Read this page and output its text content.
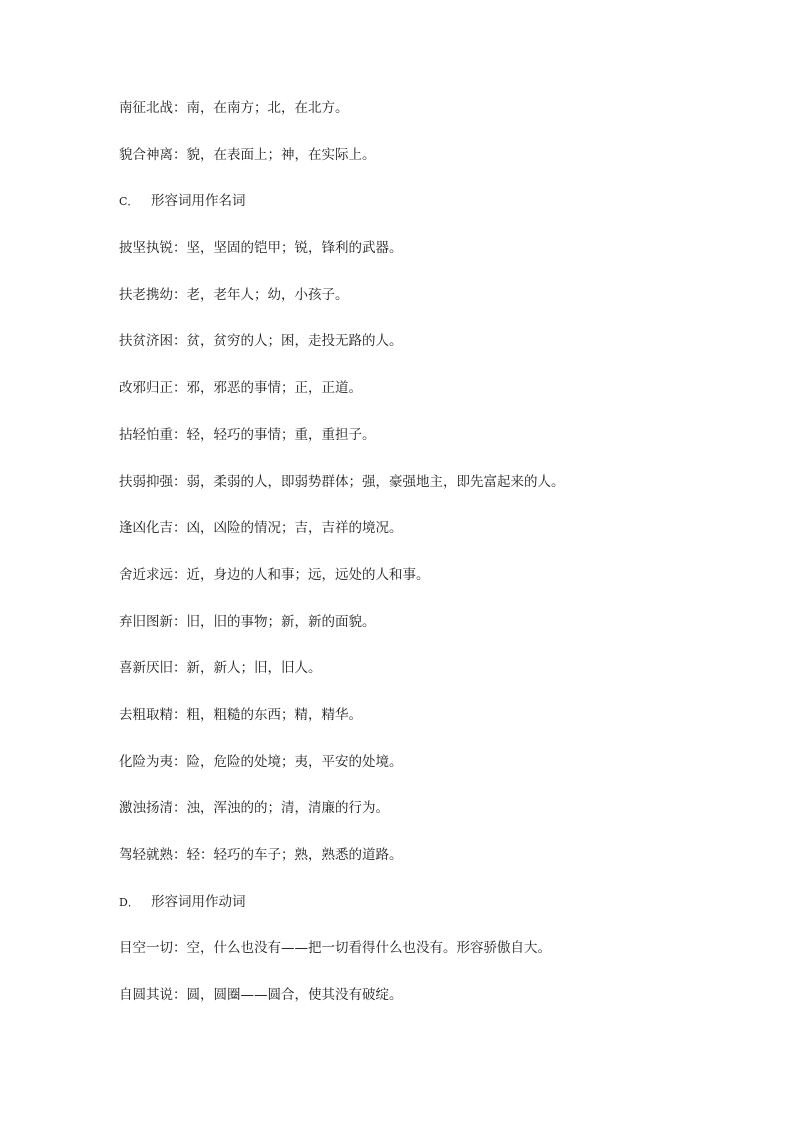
南征北战：南，在南方；北，在北方。
貌合神离：貌，在表面上；神，在实际上。
C． 形容词用作名词
披坚执锐：坚，坚固的铠甲；锐，锋利的武器。
扶老携幼：老，老年人；幼，小孩子。
扶贫济困：贫，贫穷的人；困，走投无路的人。
改邪归正：邪，邪恶的事情；正，正道。
拈轻怕重：轻，轻巧的事情；重，重担子。
扶弱抑强：弱，柔弱的人，即弱势群体；强，豪强地主，即先富起来的人。
逢凶化吉：凶，凶险的情况；吉，吉祥的境况。
舍近求远：近，身边的人和事；远，远处的人和事。
弃旧图新：旧，旧的事物；新，新的面貌。
喜新厌旧：新，新人；旧，旧人。
去粗取精：粗，粗糙的东西；精，精华。
化险为夷：险，危险的处境；夷，平安的处境。
激浊扬清：浊，浑浊的的；清，清廉的行为。
驾轻就熟：轻：轻巧的车子；熟，熟悉的道路。
D． 形容词用作动词
目空一切：空，什么也没有——把一切看得什么也没有。形容骄傲自大。
自圆其说：圆，圆圈——圆合，使其没有破绽。
